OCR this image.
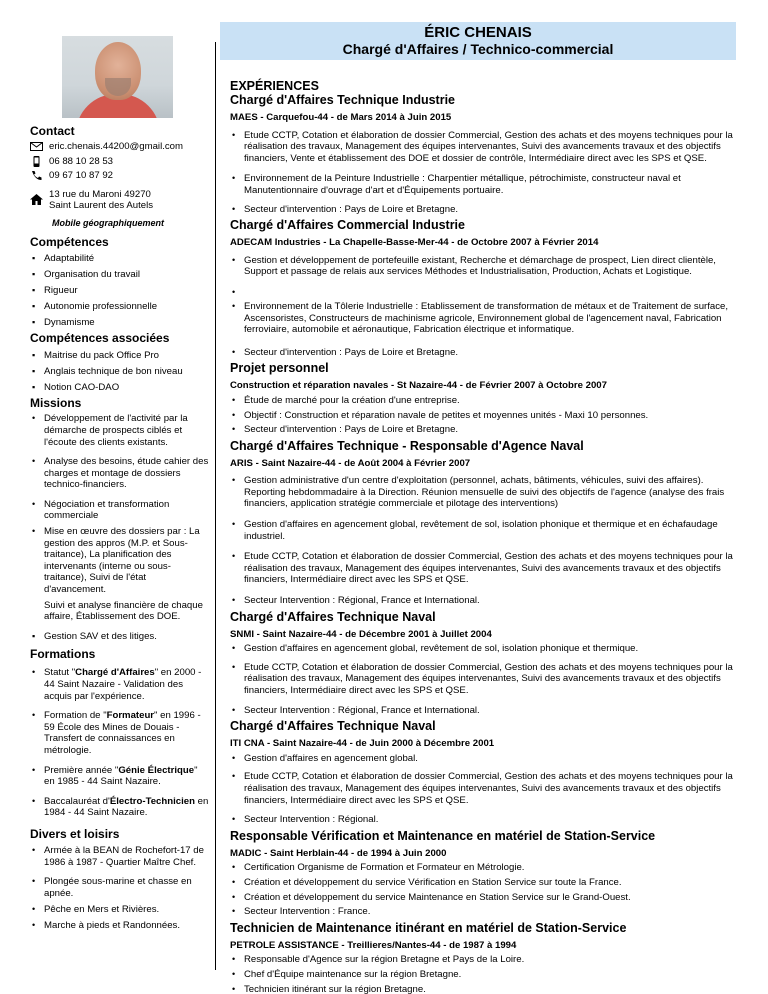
ÉRIC CHENAIS
Chargé d'Affaires / Technico-commercial
Contact
eric.chenais.44200@gmail.com
06 88 10 28 53
09 67 10 87 92
13 rue du Maroni 49270
Saint Laurent des Autels
Mobile géographiquement
Compétences
▪ Adaptabilité
▪ Organisation du travail
▪ Rigueur
▪ Autonomie professionnelle
▪ Dynamisme
Compétences associées
▪ Maitrise du pack Office Pro
▪ Anglais technique de bon niveau
▪ Notion CAO-DAO
Missions
• Développement de l'activité par la démarche de prospects ciblés et l'écoute des clients existants.
• Analyse des besoins, étude cahier des charges et montage de dossiers technico-financiers.
• Négociation et transformation commerciale
• Mise en œuvre des dossiers par : La gestion des appros (M.P. et Sous-traitance), La planification des intervenants (interne ou sous-traitance), Suivi de l'état d'avancement.
Suivi et analyse financière de chaque affaire, Établissement des DOE.
▪ Gestion SAV et des litiges.
Formations
• Statut "Chargé d'Affaires" en 2000 - 44 Saint Nazaire - Validation des acquis par l'expérience.
• Formation de "Formateur" en 1996 - 59 École des Mines de Douais - Transfert de connaissances en métrologie.
• Première année "Génie Électrique" en 1985 - 44 Saint Nazaire.
• Baccalauréat d'Électro-Technicien en 1984 - 44 Saint Nazaire.
Divers et loisirs
• Armée à la BEAN de Rochefort-17 de 1986 à 1987 - Quartier Maître Chef.
• Plongée sous-marine et chasse en apnée.
• Pêche en Mers et Rivières.
• Marche à pieds et Randonnées.
EXPÉRIENCES
Chargé d'Affaires Technique Industrie
MAES - Carquefou-44 - de Mars 2014 à Juin 2015
• Etude CCTP, Cotation et élaboration de dossier Commercial, Gestion des achats et des moyens techniques pour la réalisation des travaux, Management des équipes intervenantes, Suivi des avancements travaux et des objectifs financiers, Vente et établissement des DOE et dossier de contrôle, Intermédiaire direct avec les SPS et QSE.
• Environnement de la Peinture Industrielle : Charpentier métallique, pétrochimiste, constructeur naval et Manutentionnaire d'ouvrage d'art et d'Équipements portuaire.
• Secteur d'intervention : Pays de Loire et Bretagne.
Chargé d'Affaires Commercial Industrie
ADECAM Industries - La Chapelle-Basse-Mer-44 - de Octobre 2007 à Février 2014
• Gestion et développement de portefeuille existant, Recherche et démarchage de prospect, Lien direct clientèle, Support et passage de relais aux services Méthodes et Industrialisation, Production, Achats et Logistique.
•
• Environnement de la Tôlerie Industrielle : Etablissement de transformation de métaux et de Traitement de surface, Ascensoristes, Constructeurs de machinisme agricole, Environnement global de l'agencement naval, Fabrication ferroviaire, automobile et aéronautique, Fabrication électrique et informatique.
• Secteur d'intervention : Pays de Loire et Bretagne.
Projet personnel
Construction et réparation navales - St Nazaire-44 - de Février 2007 à Octobre 2007
• Étude de marché pour la création d'une entreprise.
• Objectif : Construction et réparation navale de petites et moyennes unités - Maxi 10 personnes.
• Secteur d'intervention : Pays de Loire et Bretagne.
Chargé d'Affaires Technique - Responsable d'Agence Naval
ARIS - Saint Nazaire-44 - de Août 2004 à Février 2007
• Gestion administrative d'un centre d'exploitation (personnel, achats, bâtiments, véhicules, suivi des affaires). Reporting hebdommadaire à la Direction. Réunion mensuelle de suivi des objectifs de l'agence (analyse des frais financiers, application stratégie commerciale et pilotage des interventions)
• Gestion d'affaires en agencement global, revêtement de sol, isolation phonique et thermique et en échafaudage industriel.
• Etude CCTP, Cotation et élaboration de dossier Commercial, Gestion des achats et des moyens techniques pour la réalisation des travaux, Management des équipes intervenantes, Suivi des avancements travaux et des objectifs financiers, Intermédiaire direct avec les SPS et QSE.
• Secteur Intervention : Régional, France et International.
Chargé d'Affaires Technique Naval
SNMI - Saint Nazaire-44 - de Décembre 2001 à Juillet 2004
• Gestion d'affaires en agencement global, revêtement de sol, isolation phonique et thermique.
• Etude CCTP, Cotation et élaboration de dossier Commercial, Gestion des achats et des moyens techniques pour la réalisation des travaux, Management des équipes intervenantes, Suivi des avancements travaux et des objectifs financiers, Intermédiaire direct avec les SPS et QSE.
• Secteur Intervention : Régional, France et International.
Chargé d'Affaires Technique Naval
ITI CNA - Saint Nazaire-44 - de Juin 2000 à Décembre 2001
• Gestion d'affaires en agencement global.
• Etude CCTP, Cotation et élaboration de dossier Commercial, Gestion des achats et des moyens techniques pour la réalisation des travaux, Management des équipes intervenantes, Suivi des avancements travaux et des objectifs financiers, Intermédiaire direct avec les SPS et QSE.
• Secteur Intervention : Régional.
Responsable Vérification et Maintenance en matériel de Station-Service
MADIC - Saint Herblain-44 - de 1994 à Juin 2000
• Certification Organisme de Formation et Formateur en Métrologie.
• Création et développement du service Vérification en Station Service sur toute la France.
• Création et développement du service Maintenance en Station Service sur le Grand-Ouest.
• Secteur Intervention : France.
Technicien de Maintenance itinérant en matériel de Station-Service
PETROLE ASSISTANCE - Treillieres/Nantes-44 - de 1987 à 1994
• Responsable d'Agence sur la région Bretagne et Pays de la Loire.
• Chef d'Équipe maintenance sur la région Bretagne.
• Technicien itinérant sur la région Bretagne.
